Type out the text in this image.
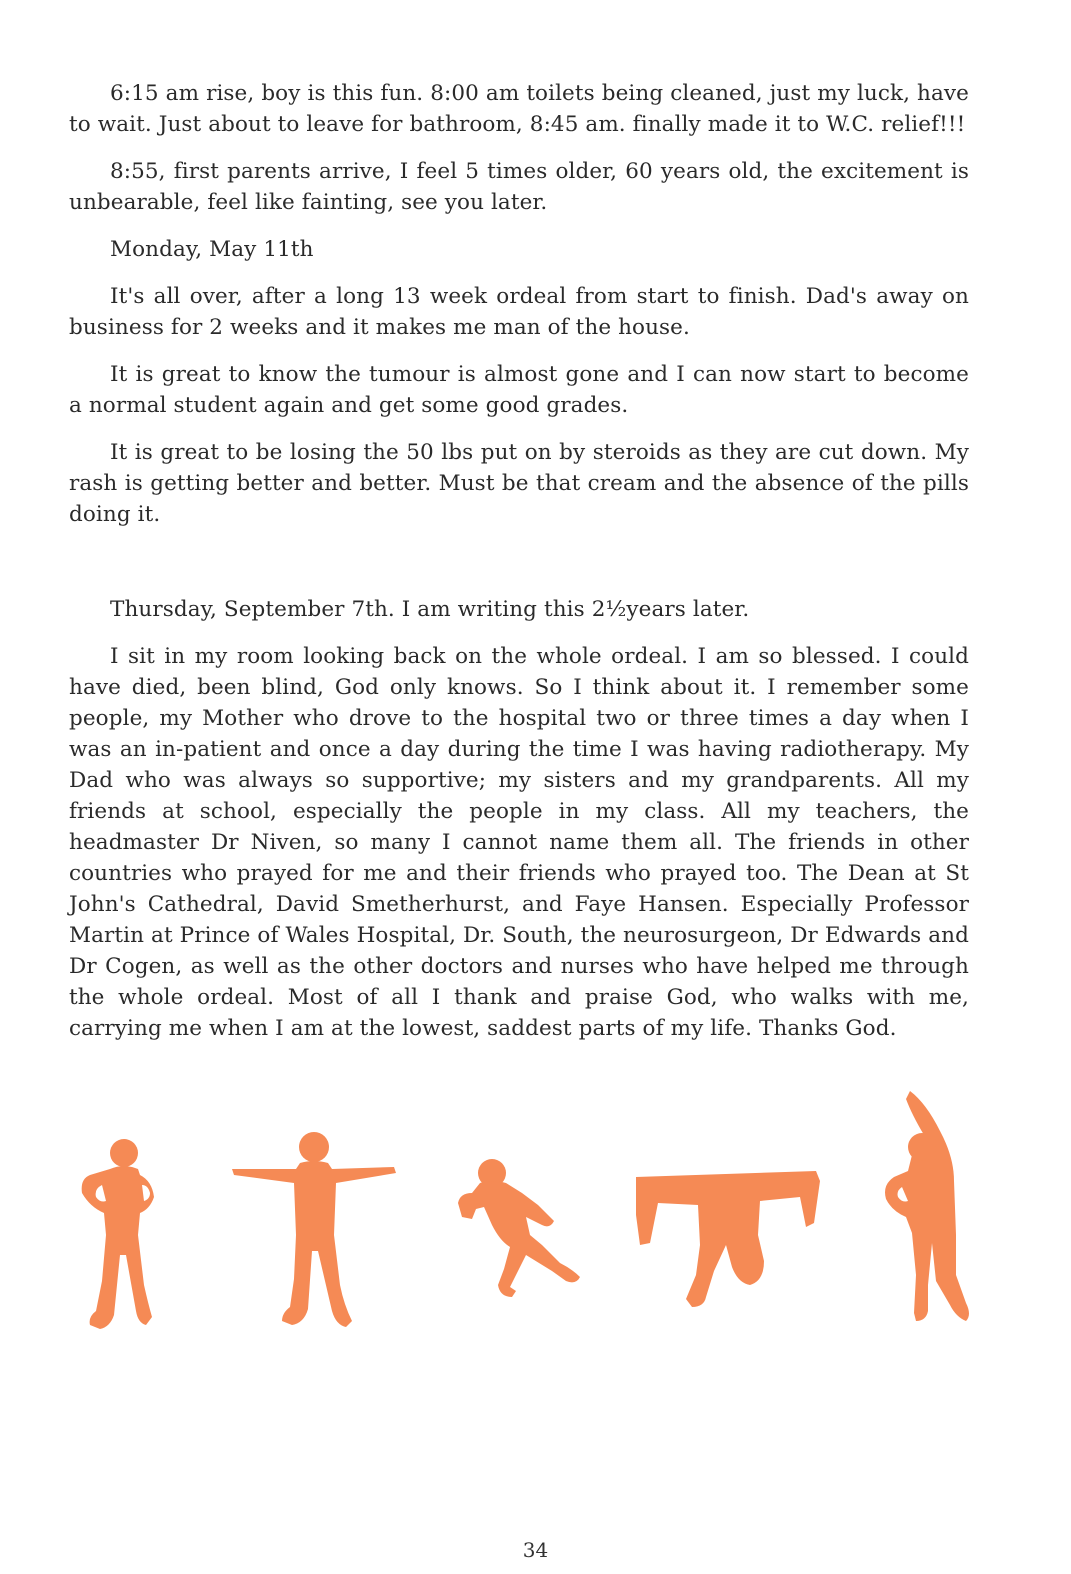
6:15 am rise, boy is this fun. 8:00 am toilets being cleaned, just my luck, have to wait. Just about to leave for bathroom, 8:45 am. finally made it to W.C. relief!!!

8:55, first parents arrive, I feel 5 times older, 60 years old, the excitement is unbearable, feel like fainting, see you later.

Monday, May 11th

It's all over, after a long 13 week ordeal from start to finish. Dad's away on business for 2 weeks and it makes me man of the house.

It is great to know the tumour is almost gone and I can now start to become a normal student again and get some good grades.

It is great to be losing the 50 lbs put on by steroids as they are cut down. My rash is getting better and better. Must be that cream and the absence of the pills doing it.

Thursday, September 7th. I am writing this 2½years later.

I sit in my room looking back on the whole ordeal. I am so blessed. I could have died, been blind, God only knows. So I think about it. I remember some people, my Mother who drove to the hospital two or three times a day when I was an in-patient and once a day during the time I was having radiotherapy. My Dad who was always so supportive; my sisters and my grandparents. All my friends at school, especially the people in my class. All my teachers, the headmaster Dr Niven, so many I cannot name them all. The friends in other countries who prayed for me and their friends who prayed too. The Dean at St John's Cathedral, David Smetherhurst, and Faye Hansen. Especially Professor Martin at Prince of Wales Hospital, Dr. South, the neurosurgeon, Dr Edwards and Dr Cogen, as well as the other doctors and nurses who have helped me through the whole ordeal. Most of all I thank and praise God, who walks with me, carrying me when I am at the lowest, saddest parts of my life. Thanks God.

34
